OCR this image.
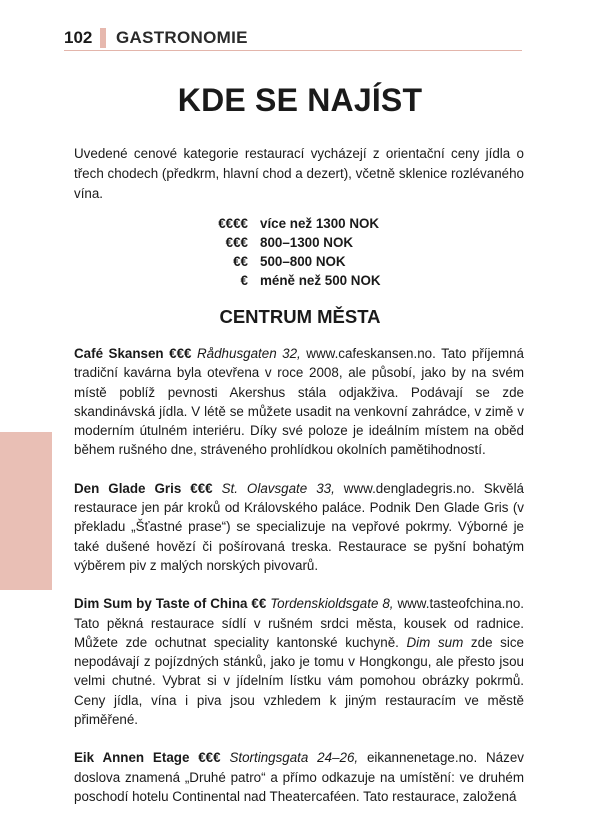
102 GASTRONOMIE
KDE SE NAJÍST

Uvedené cenové kategorie restaurací vycházejí z orientační ceny jídla o třech chodech (předkrm, hlavní chod a dezert), včetně sklenice rozlévaného vína.

€€€€ více než 1300 NOK
€€€ 800–1300 NOK
€€ 500–800 NOK
€ méně než 500 NOK
CENTRUM MĚSTA

Café Skansen €€€ Rådhusgaten 32, www.cafeskansen.no. Tato příjemná tradiční kavárna byla otevřena v roce 2008, ale působí, jako by na svém místě poblíž pevnosti Akershus stála odjakživa. Podávají se zde skandinávská jídla. V létě se můžete usadit na venkovní zahrádce, v zimě v moderním útulném interiéru. Díky své poloze je ideálním místem na oběd během rušného dne, stráveného prohlídkou okolních pamětihodností.

Den Glade Gris €€€ St. Olavsgate 33, www.dengladegris.no. Skvělá restaurace jen pár kroků od Královského paláce. Podnik Den Glade Gris (v překladu „Šťastné prase“) se specializuje na vepřové pokrmy. Výborné je také dušené hovězí či pošírovaná treska. Restaurace se pyšní bohatým výběrem piv z malých norských pivovarů.

Dim Sum by Taste of China €€ Tordenskioldsgate 8, www.tasteofchina.no. Tato pěkná restaurace sídlí v rušném srdci města, kousek od radnice. Můžete zde ochutnat speciality kantonské kuchyně. Dim sum zde sice nepodávají z pojízdných stánků, jako je tomu v Hongkongu, ale přesto jsou velmi chutné. Vybrat si v jídelním lístku vám pomohou obrázky pokrmů. Ceny jídla, vína i piva jsou vzhledem k jiným restauracím ve městě přiměřené.

Eik Annen Etage €€€ Stortingsgata 24–26, eikannenetage.no. Název doslova znamená „Druhé patro“ a přímo odkazuje na umístění: ve druhém poschodí hotelu Continental nad Theatercaféen. Tato restaurace, založená
